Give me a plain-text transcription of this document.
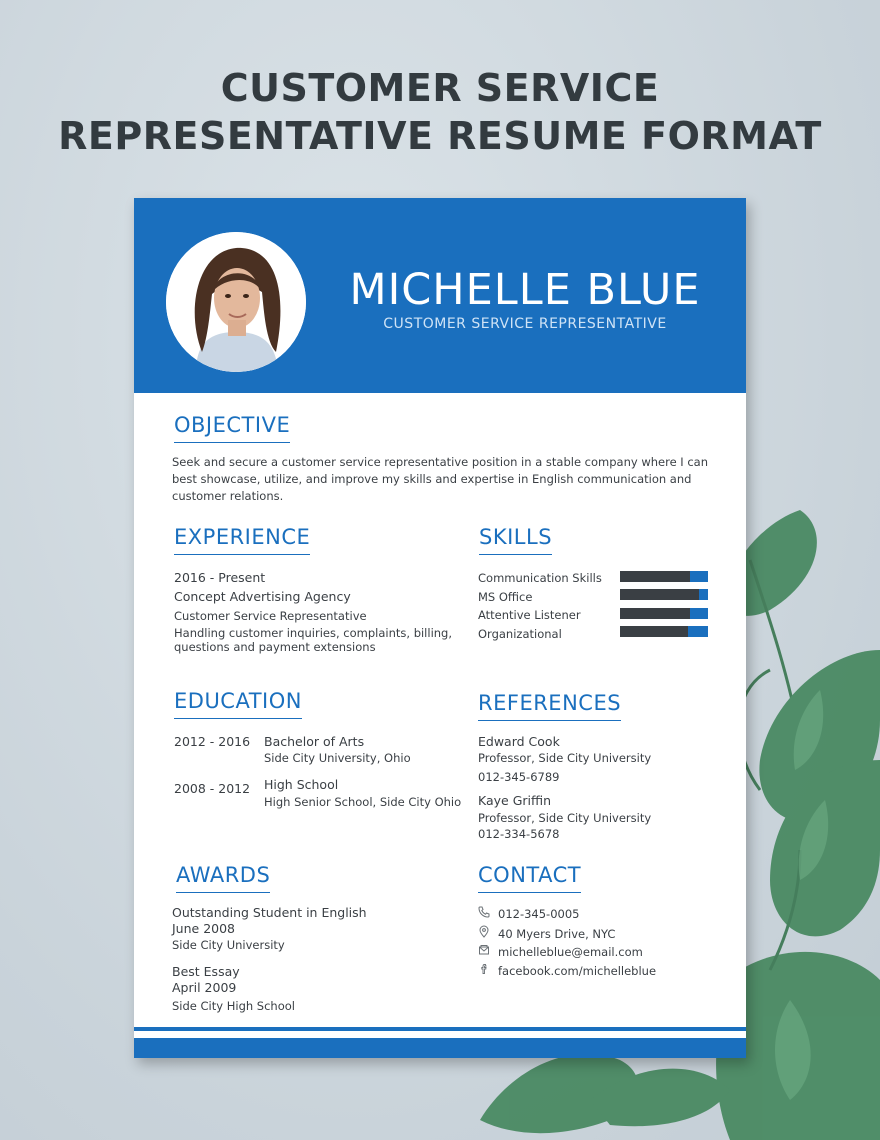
CUSTOMER SERVICE
REPRESENTATIVE RESUME FORMAT
MICHELLE BLUE
CUSTOMER SERVICE REPRESENTATIVE
OBJECTIVE
Seek and secure a customer service representative position in a stable company where I can best showcase, utilize, and improve my skills and expertise in English communication and customer relations.
EXPERIENCE
2016 - Present
Concept Advertising Agency
Customer Service Representative
Handling customer inquiries, complaints, billing,
questions and payment extensions
SKILLS
Communication Skills
MS Office
Attentive Listener
Organizational
EDUCATION
2012 - 2016 Bachelor of Arts
Side City University, Ohio
2008 - 2012 High School
High Senior School, Side City Ohio
REFERENCES
Edward Cook
Professor, Side City University
012-345-6789
Kaye Griffin
Professor, Side City University
012-334-5678
AWARDS
Outstanding Student in English
June 2008
Side City University
Best Essay
April 2009
Side City High School
CONTACT
012-345-0005
40 Myers Drive, NYC
michelleblue@email.com
facebook.com/michelleblue
